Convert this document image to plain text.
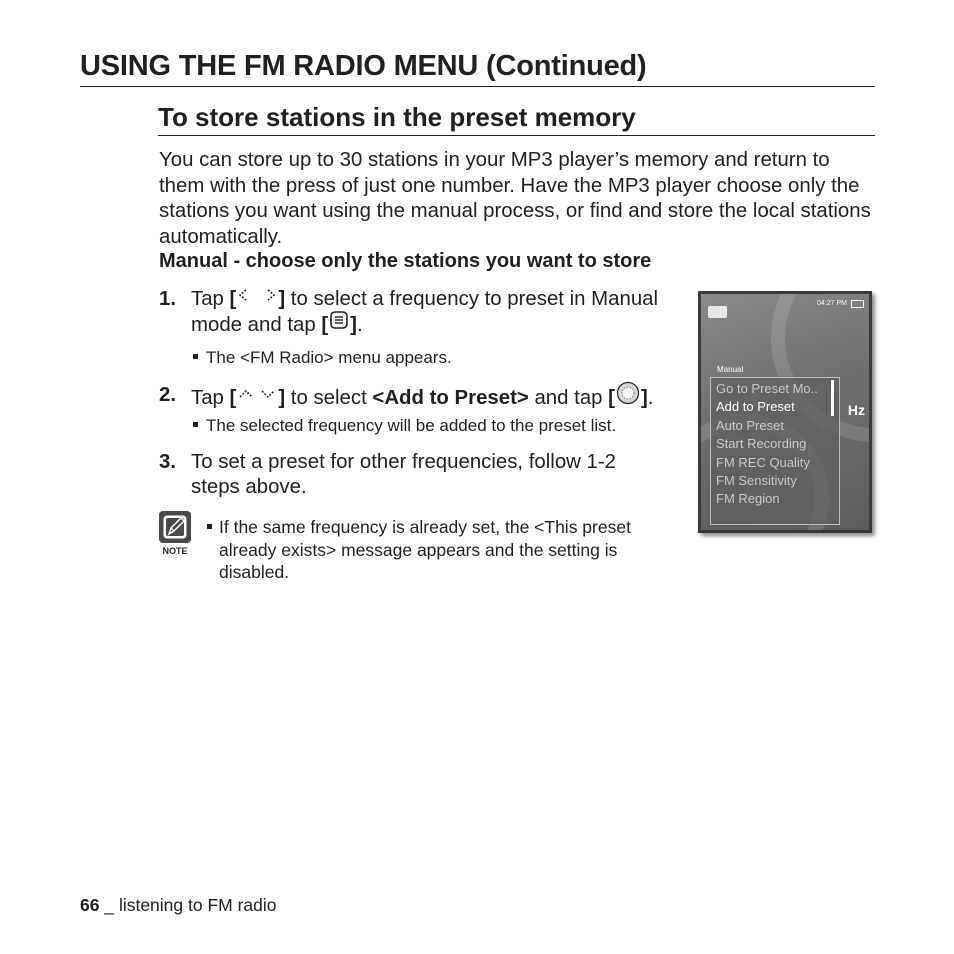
USING THE FM RADIO MENU (Continued)
To store stations in the preset memory
You can store up to 30 stations in your MP3 player’s memory and return to them with the press of just one number. Have the MP3 player choose only the stations you want using the manual process, or find and store the local stations automatically.
Manual - choose only the stations you want to store
1. Tap [ ] to select a frequency to preset in Manual mode and tap [ ].
The <FM Radio> menu appears.
2. Tap [ ] to select <Add to Preset> and tap [ ].
The selected frequency will be added to the preset list.
3. To set a preset for other frequencies, follow 1-2 steps above.
04:27 PM
Manual
Hz
Go to Preset Mo..
Add to Preset
Auto Preset
Start Recording
FM REC Quality
FM Sensitivity
FM Region
NOTE
If the same frequency is already set, the <This preset already exists> message appears and the setting is disabled.
66 _ listening to FM radio
